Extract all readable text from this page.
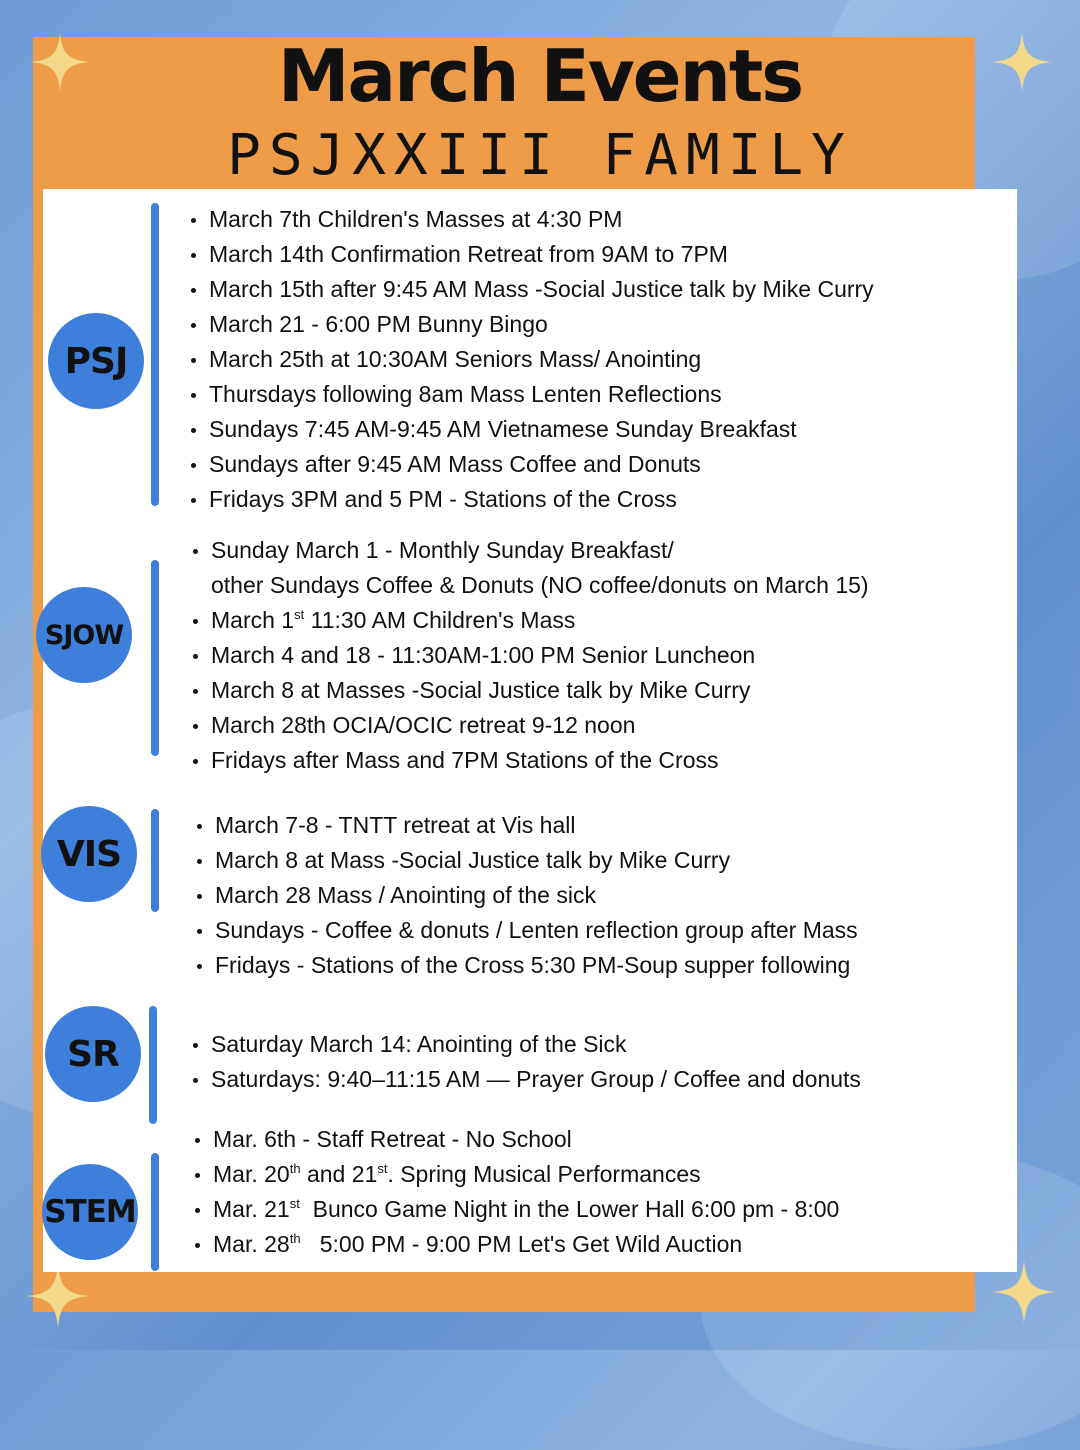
March Events
PSJXXIII FAMILY
PSJ
March 7th Children's Masses at 4:30 PM
March 14th Confirmation Retreat from 9AM to 7PM
March 15th after 9:45 AM Mass -Social Justice talk by Mike Curry
March 21 - 6:00 PM Bunny Bingo
March 25th at 10:30AM Seniors Mass/ Anointing
Thursdays following 8am Mass Lenten Reflections
Sundays 7:45 AM-9:45 AM Vietnamese Sunday Breakfast
Sundays after 9:45 AM Mass Coffee and Donuts
Fridays 3PM and 5 PM - Stations of the Cross
SJOW
Sunday March 1 - Monthly Sunday Breakfast/
other Sundays Coffee & Donuts (NO coffee/donuts on March 15)
March 1st 11:30 AM Children's Mass
March 4 and 18 - 11:30AM-1:00 PM Senior Luncheon
March 8 at Masses -Social Justice talk by Mike Curry
March 28th OCIA/OCIC retreat 9-12 noon
Fridays after Mass and 7PM Stations of the Cross
VIS
March 7-8 - TNTT retreat at Vis hall
March 8 at Mass -Social Justice talk by Mike Curry
March 28 Mass / Anointing of the sick
Sundays - Coffee & donuts / Lenten reflection group after Mass
Fridays - Stations of the Cross 5:30 PM-Soup supper following
SR	Saturday March 14: Anointing of the Sick
Saturdays: 9:40–11:15 AM — Prayer Group / Coffee and donuts
STEM
Mar. 6th - Staff Retreat - No School
Mar. 20th and 21st. Spring Musical Performances
Mar. 21st Bunco Game Night in the Lower Hall 6:00 pm - 8:00
Mar. 28th 5:00 PM - 9:00 PM Let's Get Wild Auction
